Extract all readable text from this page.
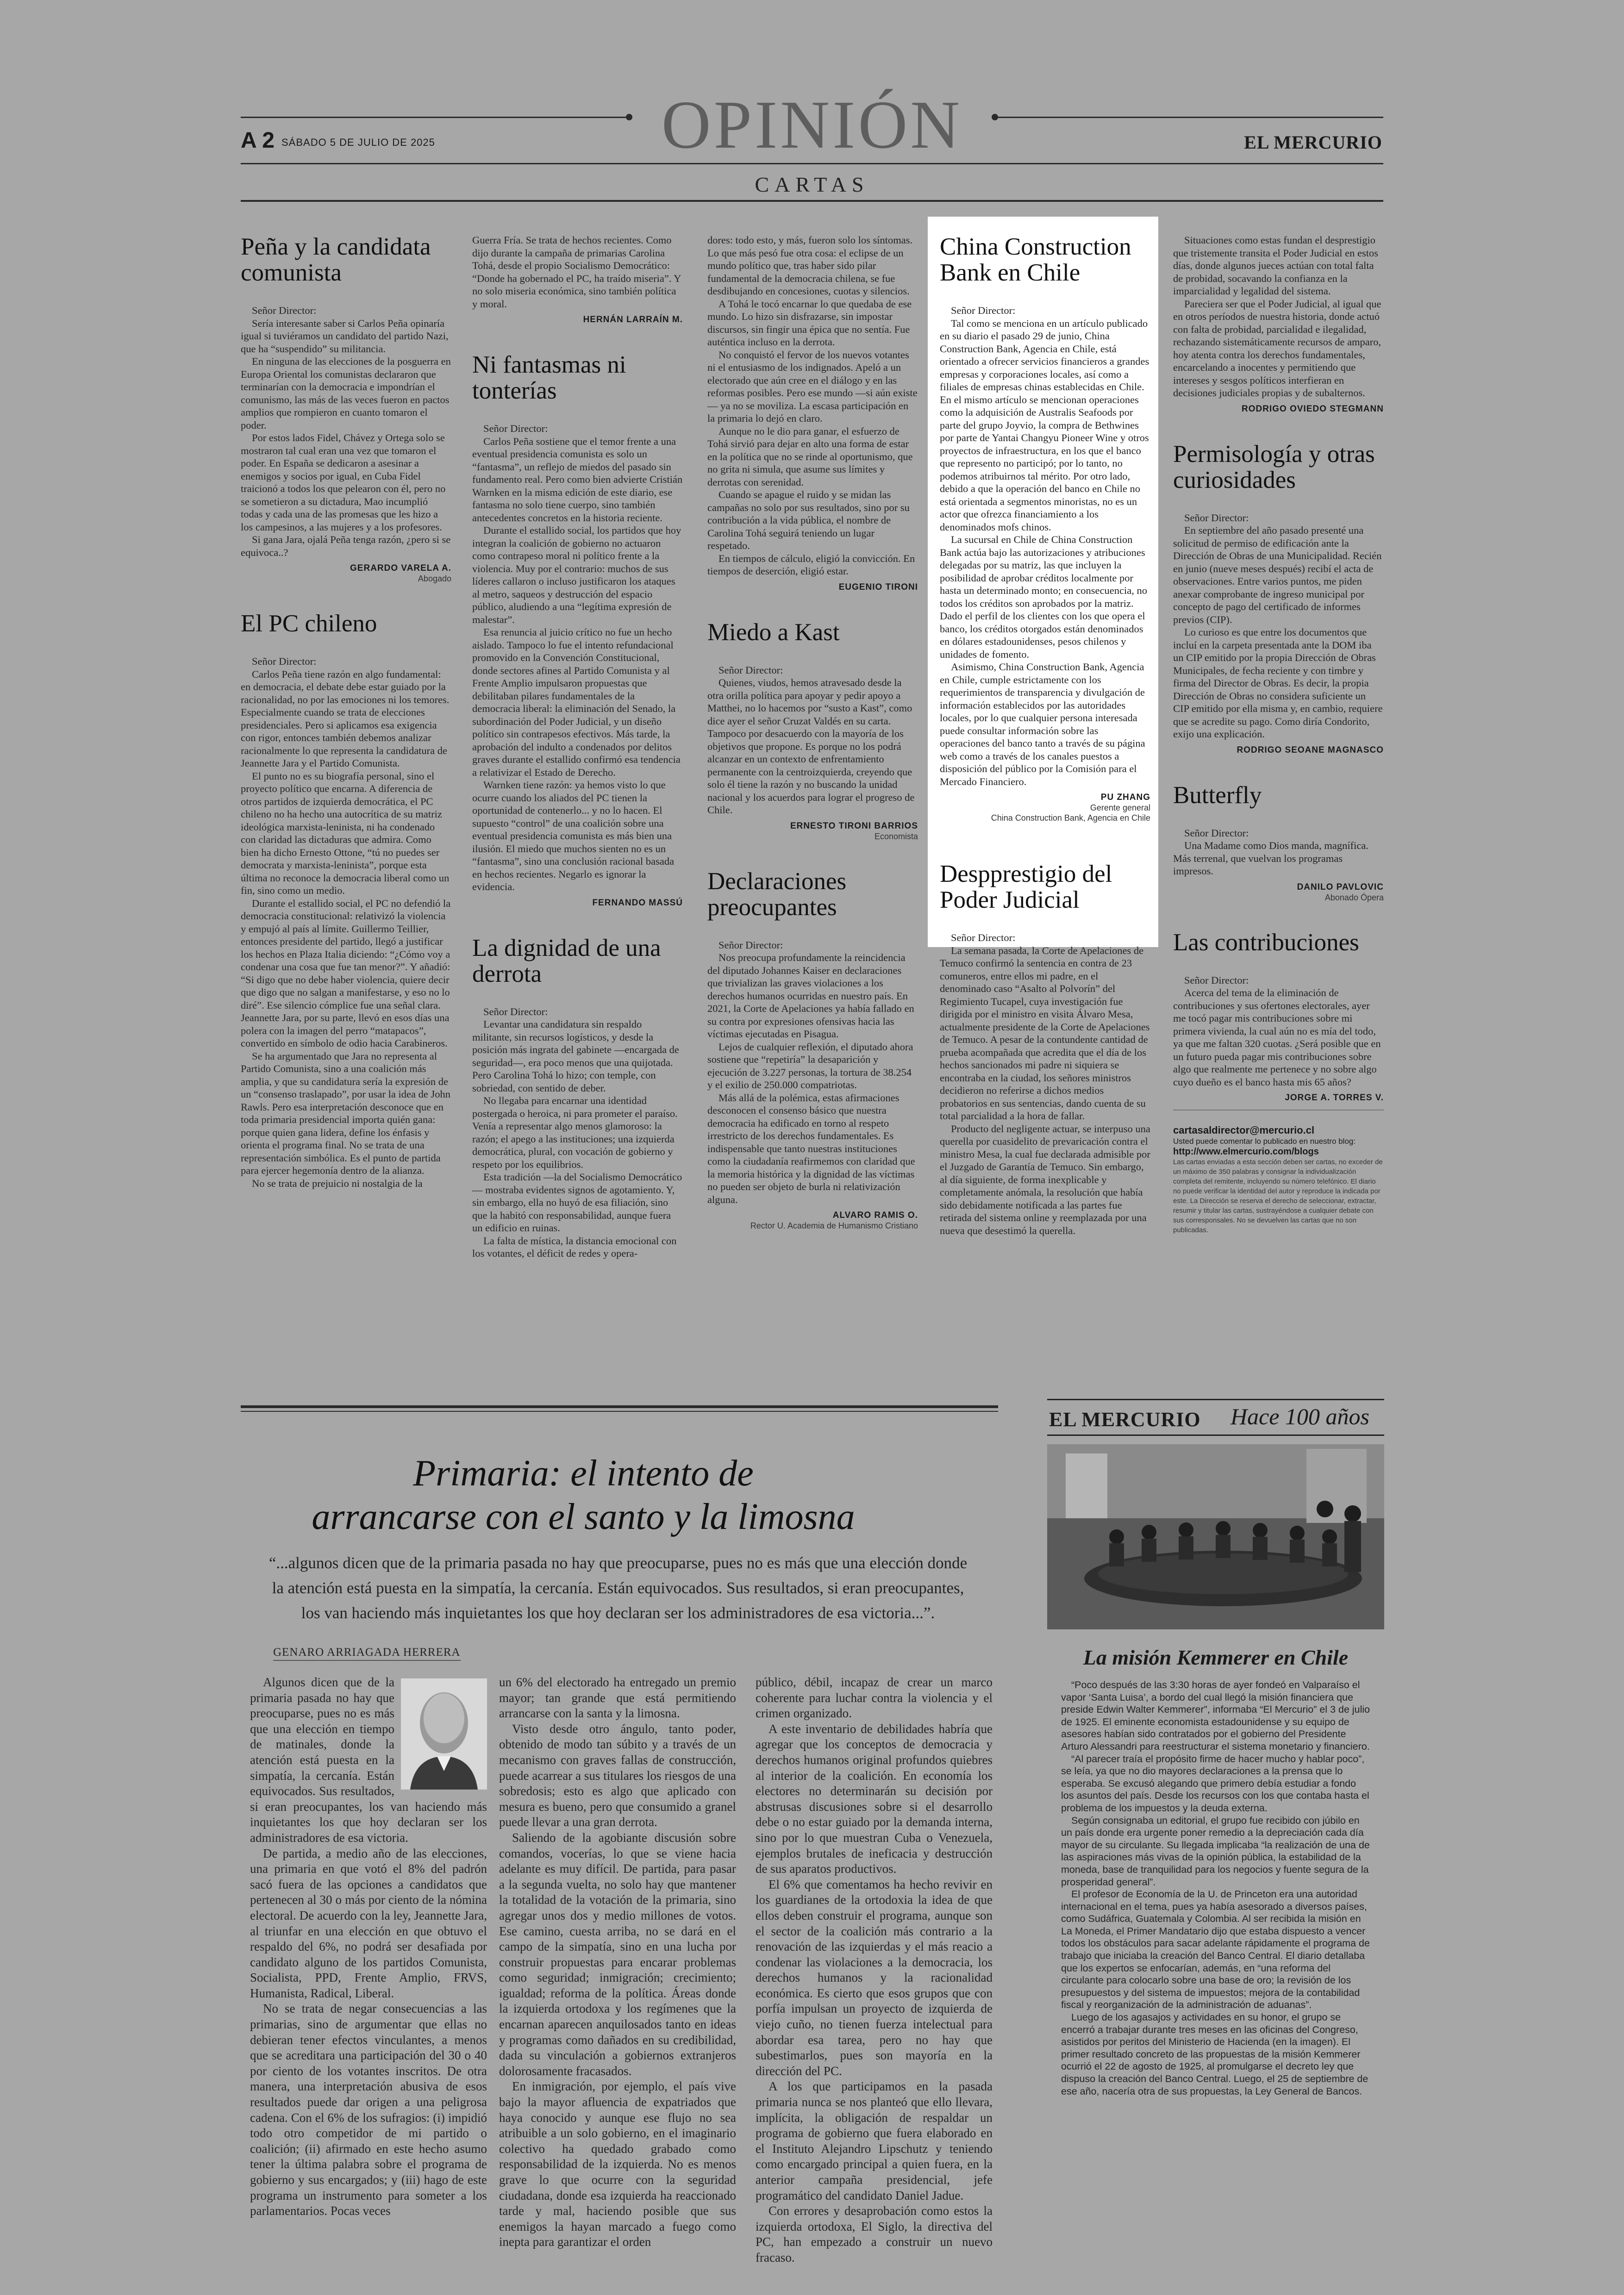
OPINIÓN
A 2 SÁBADO 5 DE JULIO DE 2025	EL MERCURIO
CARTAS
Peña y la candidata comunista

Señor Director:

Sería interesante saber si Carlos Peña opinaría igual si tuviéramos un candidato del partido Nazi, que ha “suspendido” su militancia.

En ninguna de las elecciones de la posguerra en Europa Oriental los comunistas declararon que terminarían con la democracia e impondrían el comunismo, las más de las veces fueron en pactos amplios que rompieron en cuanto tomaron el poder.

Por estos lados Fidel, Chávez y Ortega solo se mostraron tal cual eran una vez que tomaron el poder. En España se dedicaron a asesinar a enemigos y socios por igual, en Cuba Fidel traicionó a todos los que pelearon con él, pero no se sometieron a su dictadura, Mao incumplió todas y cada una de las promesas que les hizo a los campesinos, a las mujeres y a los profesores.

Si gana Jara, ojalá Peña tenga razón, ¿pero si se equivoca..?

GERARDO VARELA A.
Abogado
El PC chileno

Señor Director:

Carlos Peña tiene razón en algo fundamental: en democracia, el debate debe estar guiado por la racionalidad, no por las emociones ni los temores. Especialmente cuando se trata de elecciones presidenciales. Pero si aplicamos esa exigencia con rigor, entonces también debemos analizar racionalmente lo que representa la candidatura de Jeannette Jara y el Partido Comunista.

El punto no es su biografía personal, sino el proyecto político que encarna. A diferencia de otros partidos de izquierda democrática, el PC chileno no ha hecho una autocrítica de su matriz ideológica marxista-leninista, ni ha condenado con claridad las dictaduras que admira. Como bien ha dicho Ernesto Ottone, “tú no puedes ser democrata y marxista-leninista”, porque esta última no reconoce la democracia liberal como un fin, sino como un medio.

Durante el estallido social, el PC no defendió la democracia constitucional: relativizó la violencia y empujó al país al límite. Guillermo Teillier, entonces presidente del partido, llegó a justificar los hechos en Plaza Italia diciendo: “¿Cómo voy a condenar una cosa que fue tan menor?”. Y añadió: “Si digo que no debe haber violencia, quiere decir que digo que no salgan a manifestarse, y eso no lo diré”. Ese silencio cómplice fue una señal clara. Jeannette Jara, por su parte, llevó en esos días una polera con la imagen del perro “matapacos”, convertido en símbolo de odio hacia Carabineros.

Se ha argumentado que Jara no representa al Partido Comunista, sino a una coalición más amplia, y que su candidatura sería la expresión de un “consenso traslapado”, por usar la idea de John Rawls. Pero esa interpretación desconoce que en toda primaria presidencial importa quién gana: porque quien gana lidera, define los énfasis y orienta el programa final. No se trata de una representación simbólica. Es el punto de partida para ejercer hegemonía dentro de la alianza.

No se trata de prejuicio ni nostalgia de la

Guerra Fría. Se trata de hechos recientes. Como dijo durante la campaña de primarias Carolina Tohá, desde el propio Socialismo Democrático: “Donde ha gobernado el PC, ha traído miseria”. Y no solo miseria económica, sino también política y moral.

HERNÁN LARRAÍN M.
Ni fantasmas ni tonterías

Señor Director:

Carlos Peña sostiene que el temor frente a una eventual presidencia comunista es solo un “fantasma”, un reflejo de miedos del pasado sin fundamento real. Pero como bien advierte Cristián Warnken en la misma edición de este diario, ese fantasma no solo tiene cuerpo, sino también antecedentes concretos en la historia reciente.

Durante el estallido social, los partidos que hoy integran la coalición de gobierno no actuaron como contrapeso moral ni político frente a la violencia. Muy por el contrario: muchos de sus líderes callaron o incluso justificaron los ataques al metro, saqueos y destrucción del espacio público, aludiendo a una “legítima expresión de malestar”.

Esa renuncia al juicio crítico no fue un hecho aislado. Tampoco lo fue el intento refundacional promovido en la Convención Constitucional, donde sectores afines al Partido Comunista y al Frente Amplio impulsaron propuestas que debilitaban pilares fundamentales de la democracia liberal: la eliminación del Senado, la subordinación del Poder Judicial, y un diseño político sin contrapesos efectivos. Más tarde, la aprobación del indulto a condenados por delitos graves durante el estallido confirmó esa tendencia a relativizar el Estado de Derecho.

Warnken tiene razón: ya hemos visto lo que ocurre cuando los aliados del PC tienen la oportunidad de contenerlo... y no lo hacen. El supuesto “control” de una coalición sobre una eventual presidencia comunista es más bien una ilusión. El miedo que muchos sienten no es un “fantasma”, sino una conclusión racional basada en hechos recientes. Negarlo es ignorar la evidencia.

FERNANDO MASSÚ
La dignidad de una derrota

Señor Director:

Levantar una candidatura sin respaldo militante, sin recursos logísticos, y desde la posición más ingrata del gabinete —encargada de seguridad—, era poco menos que una quijotada. Pero Carolina Tohá lo hizo; con temple, con sobriedad, con sentido de deber.

No llegaba para encarnar una identidad postergada o heroica, ni para prometer el paraíso. Venía a representar algo menos glamoroso: la razón; el apego a las instituciones; una izquierda democrática, plural, con vocación de gobierno y respeto por los equilibrios.

Esta tradición —la del Socialismo Democrático— mostraba evidentes signos de agotamiento. Y, sin embargo, ella no huyó de esa filiación, sino que la habitó con responsabilidad, aunque fuera un edificio en ruinas.

La falta de mística, la distancia emocional con los votantes, el déficit de redes y opera-

dores: todo esto, y más, fueron solo los síntomas. Lo que más pesó fue otra cosa: el eclipse de un mundo político que, tras haber sido pilar fundamental de la democracia chilena, se fue desdibujando en concesiones, cuotas y silencios.

A Tohá le tocó encarnar lo que quedaba de ese mundo. Lo hizo sin disfrazarse, sin impostar discursos, sin fingir una épica que no sentía. Fue auténtica incluso en la derrota.

No conquistó el fervor de los nuevos votantes ni el entusiasmo de los indignados. Apeló a un electorado que aún cree en el diálogo y en las reformas posibles. Pero ese mundo —si aún existe— ya no se moviliza. La escasa participación en la primaria lo dejó en claro.

Aunque no le dio para ganar, el esfuerzo de Tohá sirvió para dejar en alto una forma de estar en la política que no se rinde al oportunismo, que no grita ni simula, que asume sus límites y derrotas con serenidad.

Cuando se apague el ruido y se midan las campañas no solo por sus resultados, sino por su contribución a la vida pública, el nombre de Carolina Tohá seguirá teniendo un lugar respetado.

En tiempos de cálculo, eligió la convicción. En tiempos de deserción, eligió estar.

EUGENIO TIRONI
Miedo a Kast

Señor Director:

Quienes, viudos, hemos atravesado desde la otra orilla política para apoyar y pedir apoyo a Matthei, no lo hacemos por “susto a Kast”, como dice ayer el señor Cruzat Valdés en su carta. Tampoco por desacuerdo con la mayoría de los objetivos que propone. Es porque no los podrá alcanzar en un contexto de enfrentamiento permanente con la centroizquierda, creyendo que solo él tiene la razón y no buscando la unidad nacional y los acuerdos para lograr el progreso de Chile.

ERNESTO TIRONI BARRIOS
Economista
Declaraciones preocupantes

Señor Director:

Nos preocupa profundamente la reincidencia del diputado Johannes Kaiser en declaraciones que trivializan las graves violaciones a los derechos humanos ocurridas en nuestro país. En 2021, la Corte de Apelaciones ya había fallado en su contra por expresiones ofensivas hacia las víctimas ejecutadas en Pisagua.

Lejos de cualquier reflexión, el diputado ahora sostiene que “repetiría” la desaparición y ejecución de 3.227 personas, la tortura de 38.254 y el exilio de 250.000 compatriotas.

Más allá de la polémica, estas afirmaciones desconocen el consenso básico que nuestra democracia ha edificado en torno al respeto irrestricto de los derechos fundamentales. Es indispensable que tanto nuestras instituciones como la ciudadanía reafirmemos con claridad que la memoria histórica y la dignidad de las víctimas no pueden ser objeto de burla ni relativización alguna.

ALVARO RAMIS O.
Rector U. Academia de Humanismo Cristiano
China Construction Bank en Chile

Señor Director:

Tal como se menciona en un artículo publicado en su diario el pasado 29 de junio, China Construction Bank, Agencia en Chile, está orientado a ofrecer servicios financieros a grandes empresas y corporaciones locales, así como a filiales de empresas chinas establecidas en Chile. En el mismo artículo se mencionan operaciones como la adquisición de Australis Seafoods por parte del grupo Joyvio, la compra de Bethwines por parte de Yantai Changyu Pioneer Wine y otros proyectos de infraestructura, en los que el banco que represento no participó; por lo tanto, no podemos atribuirnos tal mérito. Por otro lado, debido a que la operación del banco en Chile no está orientada a segmentos minoristas, no es un actor que ofrezca financiamiento a los denominados mofs chinos.

La sucursal en Chile de China Construction Bank actúa bajo las autorizaciones y atribuciones delegadas por su matriz, las que incluyen la posibilidad de aprobar créditos localmente por hasta un determinado monto; en consecuencia, no todos los créditos son aprobados por la matriz. Dado el perfil de los clientes con los que opera el banco, los créditos otorgados están denominados en dólares estadounidenses, pesos chilenos y unidades de fomento.

Asimismo, China Construction Bank, Agencia en Chile, cumple estrictamente con los requerimientos de transparencia y divulgación de información establecidos por las autoridades locales, por lo que cualquier persona interesada puede consultar información sobre las operaciones del banco tanto a través de su página web como a través de los canales puestos a disposición del público por la Comisión para el Mercado Financiero.

PU ZHANG
Gerente general
China Construction Bank, Agencia en Chile
Despprestigio del Poder Judicial

Señor Director:

La semana pasada, la Corte de Apelaciones de Temuco confirmó la sentencia en contra de 23 comuneros, entre ellos mi padre, en el denominado caso “Asalto al Polvorín” del Regimiento Tucapel, cuya investigación fue dirigida por el ministro en visita Álvaro Mesa, actualmente presidente de la Corte de Apelaciones de Temuco. A pesar de la contundente cantidad de prueba acompañada que acredita que el día de los hechos sancionados mi padre ni siquiera se encontraba en la ciudad, los señores ministros decidieron no referirse a dichos medios probatorios en sus sentencias, dando cuenta de su total parcialidad a la hora de fallar.

Producto del negligente actuar, se interpuso una querella por cuasidelito de prevaricación contra el ministro Mesa, la cual fue declarada admisible por el Juzgado de Garantía de Temuco. Sin embargo, al día siguiente, de forma inexplicable y completamente anómala, la resolución que había sido debidamente notificada a las partes fue retirada del sistema online y reemplazada por una nueva que desestimó la querella.

Situaciones como estas fundan el desprestigio que tristemente transita el Poder Judicial en estos días, donde algunos jueces actúan con total falta de probidad, socavando la confianza en la imparcialidad y legalidad del sistema.

Pareciera ser que el Poder Judicial, al igual que en otros períodos de nuestra historia, donde actuó con falta de probidad, parcialidad e ilegalidad, rechazando sistemáticamente recursos de amparo, hoy atenta contra los derechos fundamentales, encarcelando a inocentes y permitiendo que intereses y sesgos políticos interfieran en decisiones judiciales propias y de subalternos.

RODRIGO OVIEDO STEGMANN
Permisología y otras curiosidades

Señor Director:

En septiembre del año pasado presenté una solicitud de permiso de edificación ante la Dirección de Obras de una Municipalidad. Recién en junio (nueve meses después) recibí el acta de observaciones. Entre varios puntos, me piden anexar comprobante de ingreso municipal por concepto de pago del certificado de informes previos (CIP).

Lo curioso es que entre los documentos que incluí en la carpeta presentada ante la DOM iba un CIP emitido por la propia Dirección de Obras Municipales, de fecha reciente y con timbre y firma del Director de Obras. Es decir, la propia Dirección de Obras no considera suficiente un CIP emitido por ella misma y, en cambio, requiere que se acredite su pago. Como diría Condorito, exijo una explicación.

RODRIGO SEOANE MAGNASCO
Butterfly

Señor Director:

Una Madame como Dios manda, magnífica. Más terrenal, que vuelvan los programas impresos.

DANILO PAVLOVIC
Abonado Ópera
Las contribuciones

Señor Director:

Acerca del tema de la eliminación de contribuciones y sus ofertones electorales, ayer me tocó pagar mis contribuciones sobre mi primera vivienda, la cual aún no es mía del todo, ya que me faltan 320 cuotas. ¿Será posible que en un futuro pueda pagar mis contribuciones sobre algo que realmente me pertenece y no sobre algo cuyo dueño es el banco hasta mis 65 años?

JORGE A. TORRES V.
cartasaldirector@mercurio.cl
Usted puede comentar lo publicado en nuestro blog:
http://www.elmercurio.com/blogs
Las cartas enviadas a esta sección deben ser cartas, no exceder de un máximo de 350 palabras y consignar la individualización completa del remitente, incluyendo su número telefónico. El diario no puede verificar la identidad del autor y reproduce la indicada por este. La Dirección se reserva el derecho de seleccionar, extractar, resumir y titular las cartas, sustrayéndose a cualquier debate con sus corresponsales. No se devuelven las cartas que no son publicadas.
Primaria: el intento de
arrancarse con el santo y la limosna
“...algunos dicen que de la primaria pasada no hay que preocuparse, pues no es más que una elección donde
la atención está puesta en la simpatía, la cercanía. Están equivocados. Sus resultados, si eran preocupantes,
los van haciendo más inquietantes los que hoy declaran ser los administradores de esa victoria...”.
GENARO ARRIAGADA HERRERA

Algunos dicen que de la primaria pasada no hay que preocuparse, pues no es más que una elección en tiempo de matinales, donde la atención está puesta en la simpatía, la cercanía. Están equivocados. Sus resultados, si eran preocupantes, los van haciendo más inquietantes los que hoy declaran ser los administradores de esa victoria.

De partida, a medio año de las elecciones, una primaria en que votó el 8% del padrón sacó fuera de las opciones a candidatos que pertenecen al 30 o más por ciento de la nómina electoral. De acuerdo con la ley, Jeannette Jara, al triunfar en una elección en que obtuvo el respaldo del 6%, no podrá ser desafiada por candidato alguno de los partidos Comunista, Socialista, PPD, Frente Amplio, FRVS, Humanista, Radical, Liberal.

No se trata de negar consecuencias a las primarias, sino de argumentar que ellas no debieran tener efectos vinculantes, a menos que se acreditara una participación del 30 o 40 por ciento de los votantes inscritos. De otra manera, una interpretación abusiva de esos resultados puede dar origen a una peligrosa cadena. Con el 6% de los sufragios: (i) impidió todo otro competidor de mi partido o coalición; (ii) afirmado en este hecho asumo tener la última palabra sobre el programa de gobierno y sus encargados; y (iii) hago de este programa un instrumento para someter a los parlamentarios. Pocas veces

un 6% del electorado ha entregado un premio mayor; tan grande que está permitiendo arrancarse con la santa y la limosna.

Visto desde otro ángulo, tanto poder, obtenido de modo tan súbito y a través de un mecanismo con graves fallas de construcción, puede acarrear a sus titulares los riesgos de una sobredosis; esto es algo que aplicado con mesura es bueno, pero que consumido a granel puede llevar a una gran derrota.

Saliendo de la agobiante discusión sobre comandos, vocerías, lo que se viene hacia adelante es muy difícil. De partida, para pasar a la segunda vuelta, no solo hay que mantener la totalidad de la votación de la primaria, sino agregar unos dos y medio millones de votos. Ese camino, cuesta arriba, no se dará en el campo de la simpatía, sino en una lucha por construir propuestas para encarar problemas como seguridad; inmigración; crecimiento; igualdad; reforma de la política. Áreas donde la izquierda ortodoxa y los regímenes que la encarnan aparecen anquilosados tanto en ideas y programas como dañados en su credibilidad, dada su vinculación a gobiernos extranjeros dolorosamente fracasados.

En inmigración, por ejemplo, el país vive bajo la mayor afluencia de expatriados que haya conocido y aunque ese flujo no sea atribuible a un solo gobierno, en el imaginario colectivo ha quedado grabado como responsabilidad de la izquierda. No es menos grave lo que ocurre con la seguridad ciudadana, donde esa izquierda ha reaccionado tarde y mal, haciendo posible que sus enemigos la hayan marcado a fuego como inepta para garantizar el orden

público, débil, incapaz de crear un marco coherente para luchar contra la violencia y el crimen organizado.

A este inventario de debilidades habría que agregar que los conceptos de democracia y derechos humanos original profundos quiebres al interior de la coalición. En economía los electores no determinarán su decisión por abstrusas discusiones sobre si el desarrollo debe o no estar guiado por la demanda interna, sino por lo que muestran Cuba o Venezuela, ejemplos brutales de ineficacia y destrucción de sus aparatos productivos.

El 6% que comentamos ha hecho revivir en los guardianes de la ortodoxia la idea de que ellos deben construir el programa, aunque son el sector de la coalición más contrario a la renovación de las izquierdas y el más reacio a condenar las violaciones a la democracia, los derechos humanos y la racionalidad económica. Es cierto que esos grupos que con porfía impulsan un proyecto de izquierda de viejo cuño, no tienen fuerza intelectual para abordar esa tarea, pero no hay que subestimarlos, pues son mayoría en la dirección del PC.

A los que participamos en la pasada primaria nunca se nos planteó que ello llevara, implícita, la obligación de respaldar un programa de gobierno que fuera elaborado en el Instituto Alejandro Lipschutz y teniendo como encargado principal a quien fuera, en la anterior campaña presidencial, jefe programático del candidato Daniel Jadue.

Con errores y desaprobación como estos la izquierda ortodoxa, El Siglo, la directiva del PC, han empezado a construir un nuevo fracaso.

EL MERCURIO Hace 100 años
La misión Kemmerer en Chile

“Poco después de las 3:30 horas de ayer fondeó en Valparaíso el vapor ‘Santa Luisa’, a bordo del cual llegó la misión financiera que preside Edwin Walter Kemmerer”, informaba “El Mercurio” el 3 de julio de 1925. El eminente economista estadounidense y su equipo de asesores habían sido contratados por el gobierno del Presidente Arturo Alessandri para reestructurar el sistema monetario y financiero.

“Al parecer traía el propósito firme de hacer mucho y hablar poco”, se leía, ya que no dio mayores declaraciones a la prensa que lo esperaba. Se excusó alegando que primero debía estudiar a fondo los asuntos del país. Desde los recursos con los que contaba hasta el problema de los impuestos y la deuda externa.

Según consignaba un editorial, el grupo fue recibido con júbilo en un país donde era urgente poner remedio a la depreciación cada día mayor de su circulante. Su llegada implicaba “la realización de una de las aspiraciones más vivas de la opinión pública, la estabilidad de la moneda, base de tranquilidad para los negocios y fuente segura de la prosperidad general”.

El profesor de Economía de la U. de Princeton era una autoridad internacional en el tema, pues ya había asesorado a diversos países, como Sudáfrica, Guatemala y Colombia. Al ser recibida la misión en La Moneda, el Primer Mandatario dijo que estaba dispuesto a vencer todos los obstáculos para sacar adelante rápidamente el programa de trabajo que iniciaba la creación del Banco Central. El diario detallaba que los expertos se enfocarían, además, en “una reforma del circulante para colocarlo sobre una base de oro; la revisión de los presupuestos y del sistema de impuestos; mejora de la contabilidad fiscal y reorganización de la administración de aduanas”.

Luego de los agasajos y actividades en su honor, el grupo se encerró a trabajar durante tres meses en las oficinas del Congreso, asistidos por peritos del Ministerio de Hacienda (en la imagen). El primer resultado concreto de las propuestas de la misión Kemmerer ocurrió el 22 de agosto de 1925, al promulgarse el decreto ley que dispuso la creación del Banco Central. Luego, el 25 de septiembre de ese año, nacería otra de sus propuestas, la Ley General de Bancos.
